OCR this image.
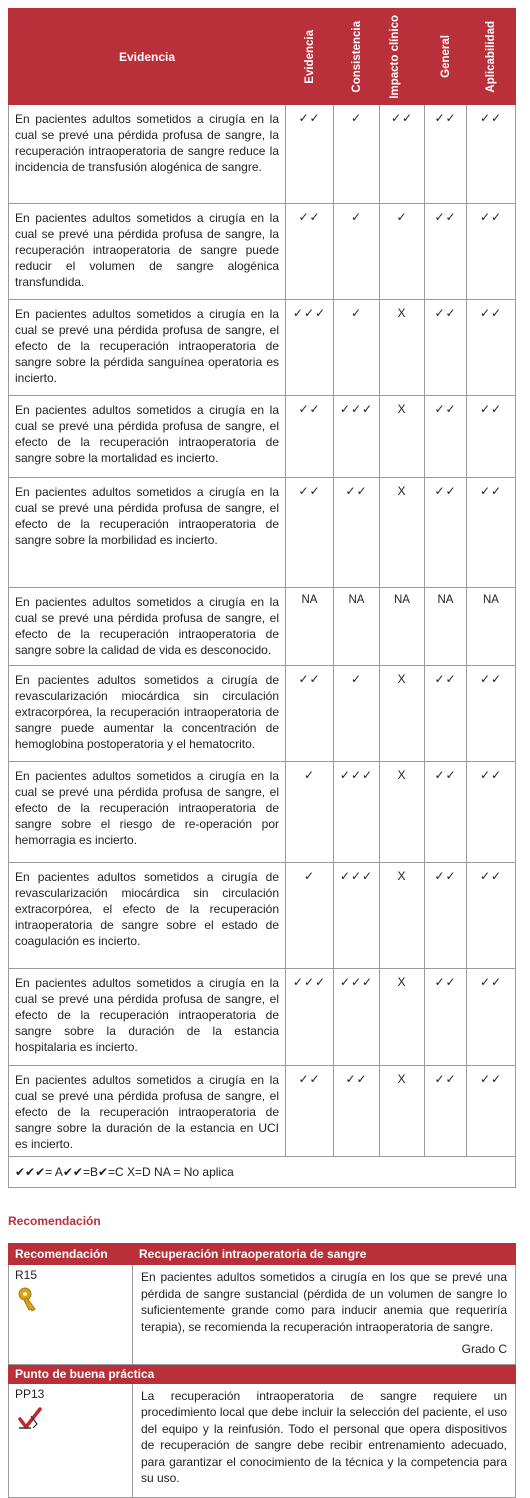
Evidencia	Evidencia	Consistencia	Impacto clínico	General	Aplicabilidad

En pacientes adultos sometidos a cirugía en la cual se prevé una pérdida profusa de sangre, la recuperación intraoperatoria de sangre reduce la incidencia de transfusión alogénica de sangre.	✓✓	✓	✓✓	✓✓	✓✓
En pacientes adultos sometidos a cirugía en la cual se prevé una pérdida profusa de sangre, la recuperación intraoperatoria de sangre puede reducir el volumen de sangre alogénica transfundida.	✓✓	✓	✓	✓✓	✓✓
En pacientes adultos sometidos a cirugía en la cual se prevé una pérdida profusa de sangre, el efecto de la recuperación intraoperatoria de sangre sobre la pérdida sanguínea operatoria es incierto.	✓✓✓	✓	X	✓✓	✓✓
En pacientes adultos sometidos a cirugía en la cual se prevé una pérdida profusa de sangre, el efecto de la recuperación intraoperatoria de sangre sobre la mortalidad es incierto.	✓✓	✓✓✓	X	✓✓	✓✓
En pacientes adultos sometidos a cirugía en la cual se prevé una pérdida profusa de sangre, el efecto de la recuperación intraoperatoria de sangre sobre la morbilidad es incierto.	✓✓	✓✓	X	✓✓	✓✓
En pacientes adultos sometidos a cirugía en la cual se prevé una pérdida profusa de sangre, el efecto de la recuperación intraoperatoria de sangre sobre la calidad de vida es desconocido.	NA	NA	NA	NA	NA
En pacientes adultos sometidos a cirugía de revascularización miocárdica sin circulación extracorpórea, la recuperación intraoperatoria de sangre puede aumentar la concentración de hemoglobina postoperatoria y el hematocrito.	✓✓	✓	X	✓✓	✓✓
En pacientes adultos sometidos a cirugía en la cual se prevé una pérdida profusa de sangre, el efecto de la recuperación intraoperatoria de sangre sobre el riesgo de re-operación por hemorragia es incierto.	✓	✓✓✓	X	✓✓	✓✓
En pacientes adultos sometidos a cirugía de revascularización miocárdica sin circulación extracorpórea, el efecto de la recuperación intraoperatoria de sangre sobre el estado de coagulación es incierto.	✓	✓✓✓	X	✓✓	✓✓
En pacientes adultos sometidos a cirugía en la cual se prevé una pérdida profusa de sangre, el efecto de la recuperación intraoperatoria de sangre sobre la duración de la estancia hospitalaria es incierto.	✓✓✓	✓✓✓	X	✓✓	✓✓
En pacientes adultos sometidos a cirugía en la cual se prevé una pérdida profusa de sangre, el efecto de la recuperación intraoperatoria de sangre sobre la duración de la estancia en UCI es incierto.	✓✓	✓✓	X	✓✓	✓✓
✔✔✔= A✔✔=B✔=C X=D NA = No aplica					
Recomendación
Recomendación	Recuperación intraoperatoria de sangre
R15	En pacientes adultos sometidos a cirugía en los que se prevé una pérdida de sangre sustancial (pérdida de un volumen de sangre lo suficientemente grande como para inducir anemia que requeriría terapia), se recomienda la recuperación intraoperatoria de sangre.
Grado C

Punto de buena práctica	
PP13	La recuperación intraoperatoria de sangre requiere un procedimiento local que debe incluir la selección del paciente, el uso del equipo y la reinfusión. Todo el personal que opera dispositivos de recuperación de sangre debe recibir entrenamiento adecuado, para garantizar el conocimiento de la técnica y la competencia para su uso.
